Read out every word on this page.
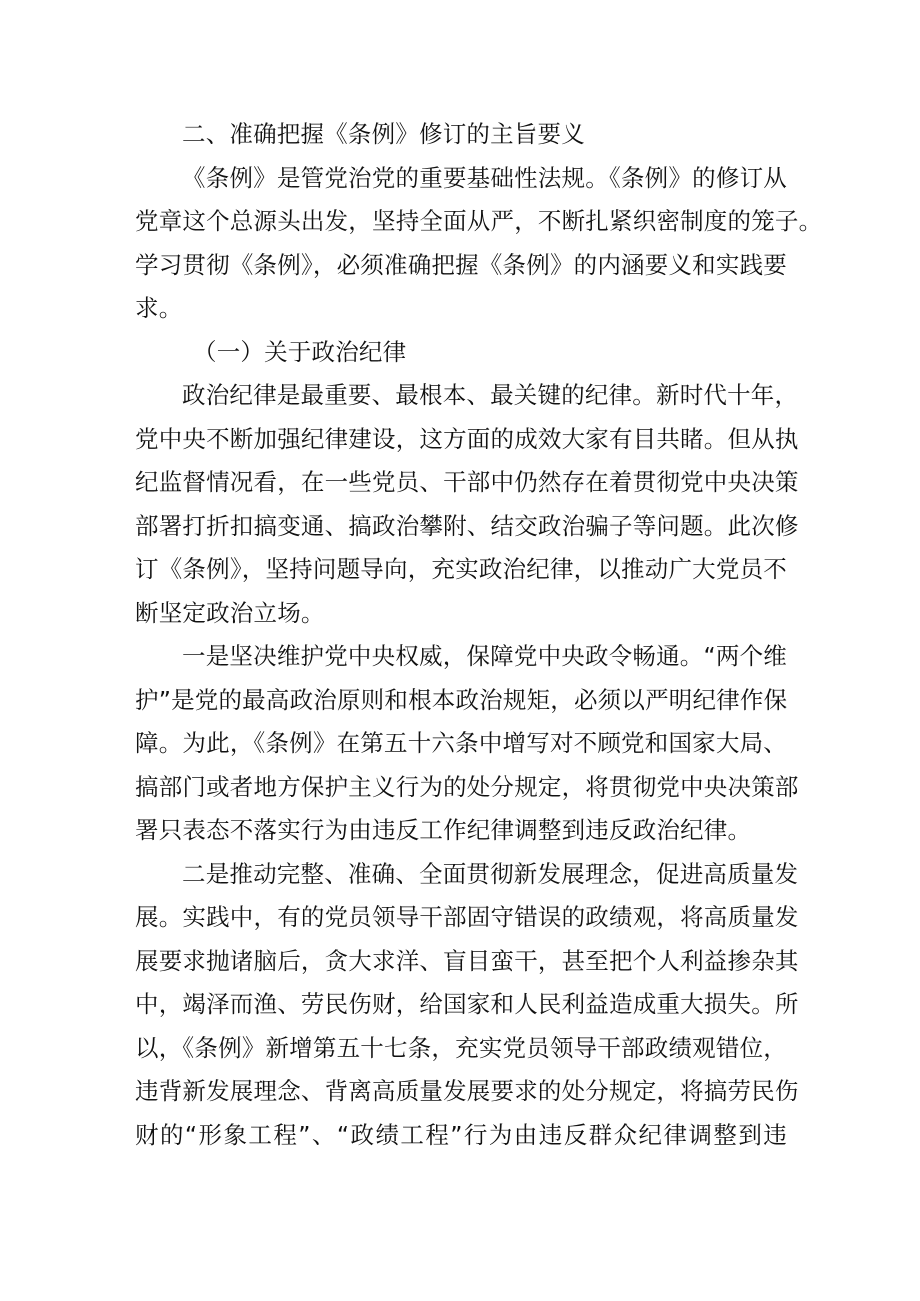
二、准确把握《条例》修订的主旨要义
《条例》是管党治党的重要基础性法规。《条例》的修订从
党章这个总源头出发，坚持全面从严，不断扎紧织密制度的笼子。
学习贯彻《条例》，必须准确把握《条例》的内涵要义和实践要
求。
（一）关于政治纪律
政治纪律是最重要、最根本、最关键的纪律。新时代十年，
党中央不断加强纪律建设，这方面的成效大家有目共睹。但从执
纪监督情况看，在一些党员、干部中仍然存在着贯彻党中央决策
部署打折扣搞变通、搞政治攀附、结交政治骗子等问题。此次修
订《条例》，坚持问题导向，充实政治纪律，以推动广大党员不
断坚定政治立场。
一是坚决维护党中央权威，保障党中央政令畅通。“两个维
护”是党的最高政治原则和根本政治规矩，必须以严明纪律作保
障。为此，《条例》在第五十六条中增写对不顾党和国家大局、
搞部门或者地方保护主义行为的处分规定，将贯彻党中央决策部
署只表态不落实行为由违反工作纪律调整到违反政治纪律。
二是推动完整、准确、全面贯彻新发展理念，促进高质量发
展。实践中，有的党员领导干部固守错误的政绩观，将高质量发
展要求抛诸脑后，贪大求洋、盲目蛮干，甚至把个人利益掺杂其
中，竭泽而渔、劳民伤财，给国家和人民利益造成重大损失。所
以，《条例》新增第五十七条，充实党员领导干部政绩观错位，
违背新发展理念、背离高质量发展要求的处分规定，将搞劳民伤
财的“形象工程”、“政绩工程”行为由违反群众纪律调整到违
